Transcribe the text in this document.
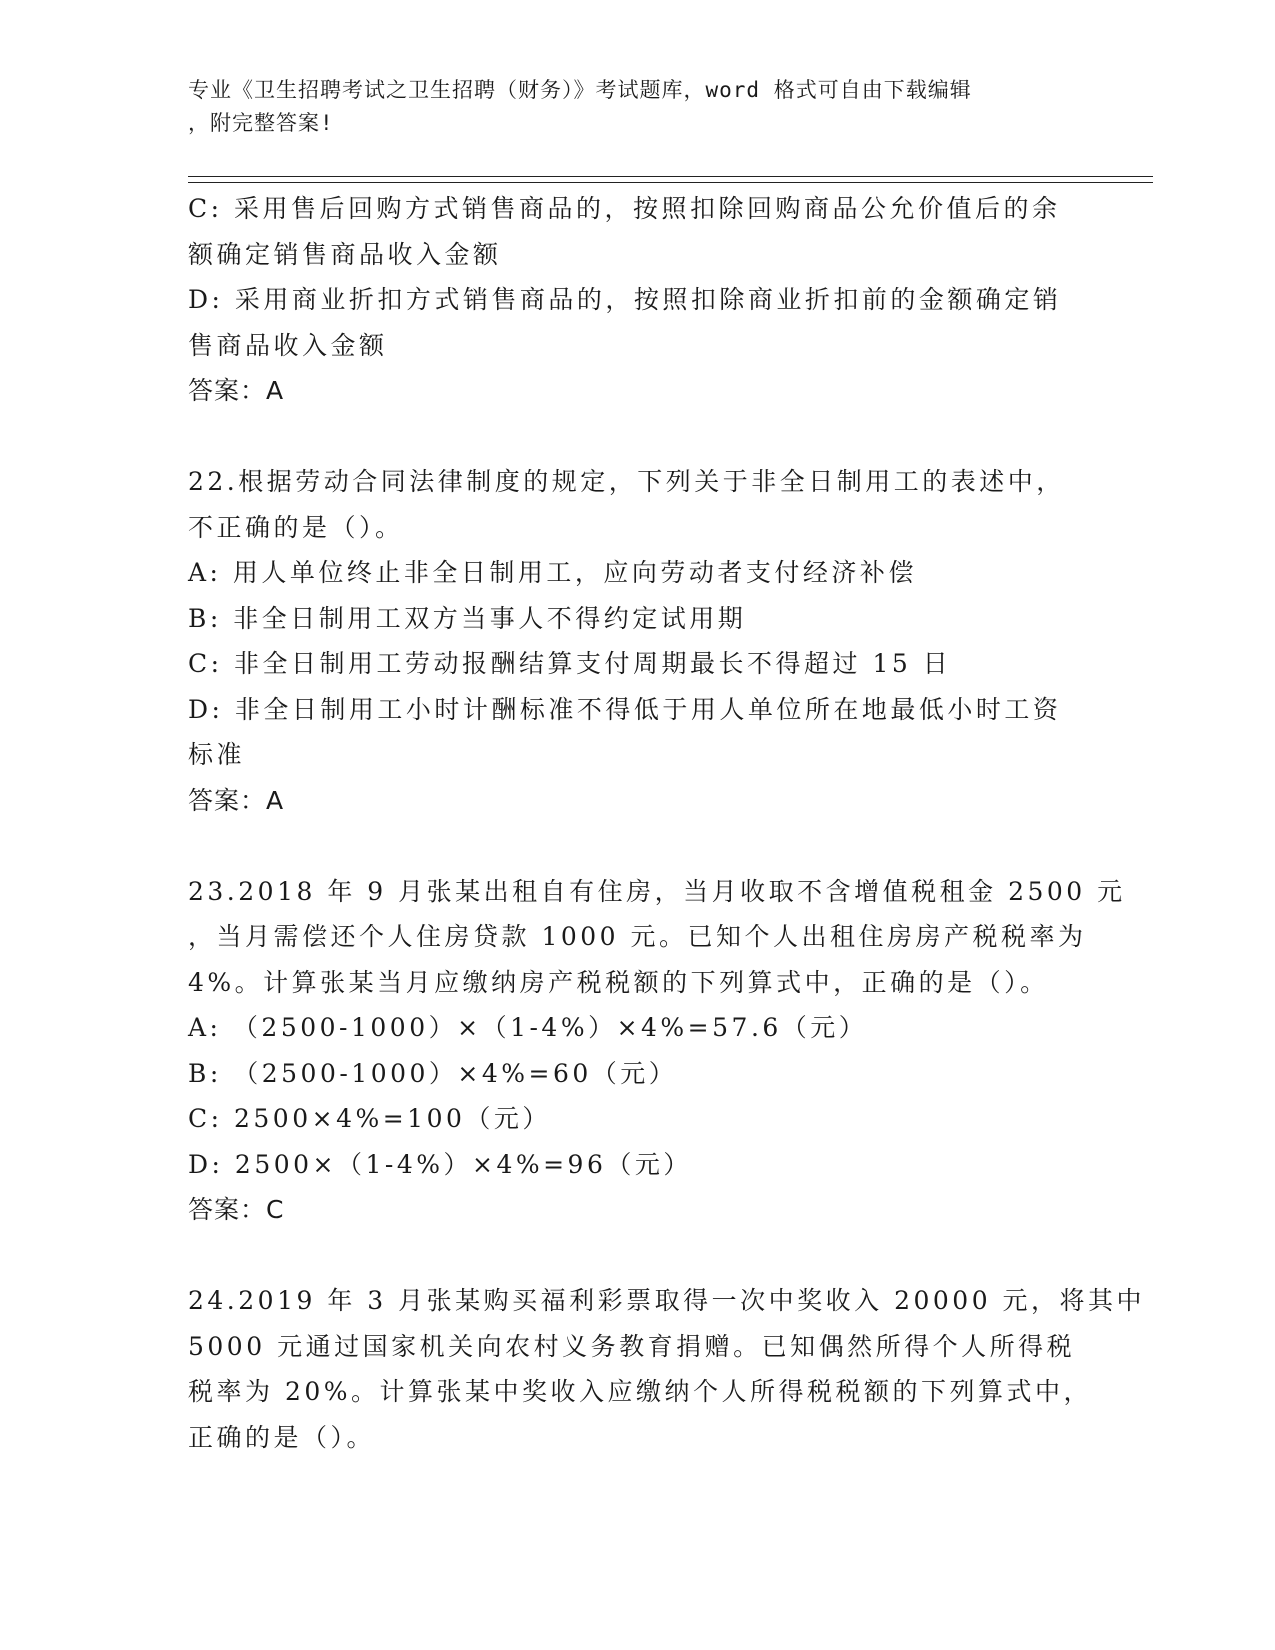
专业《卫生招聘考试之卫生招聘（财务）》考试题库，word 格式可自由下载编辑
，附完整答案!
C: 采用售后回购方式销售商品的，按照扣除回购商品公允价值后的余
额确定销售商品收入金额
D: 采用商业折扣方式销售商品的，按照扣除商业折扣前的金额确定销
售商品收入金额
答案：A
22.根据劳动合同法律制度的规定，下列关于非全日制用工的表述中，
不正确的是（）。
A: 用人单位终止非全日制用工，应向劳动者支付经济补偿
B: 非全日制用工双方当事人不得约定试用期
C: 非全日制用工劳动报酬结算支付周期最长不得超过 15 日
D: 非全日制用工小时计酬标准不得低于用人单位所在地最低小时工资
标准
答案：A
23.2018 年 9 月张某出租自有住房，当月收取不含增值税租金 2500 元
，当月需偿还个人住房贷款 1000 元。已知个人出租住房房产税税率为
4%。计算张某当月应缴纳房产税税额的下列算式中，正确的是（）。
A: （2500-1000）×（1-4%）×4%=57.6（元）
B: （2500-1000）×4%=60（元）
C: 2500×4%=100（元）
D: 2500×（1-4%）×4%=96（元）
答案：C
24.2019 年 3 月张某购买福利彩票取得一次中奖收入 20000 元，将其中
5000 元通过国家机关向农村义务教育捐赠。已知偶然所得个人所得税
税率为 20%。计算张某中奖收入应缴纳个人所得税税额的下列算式中，
正确的是（）。
